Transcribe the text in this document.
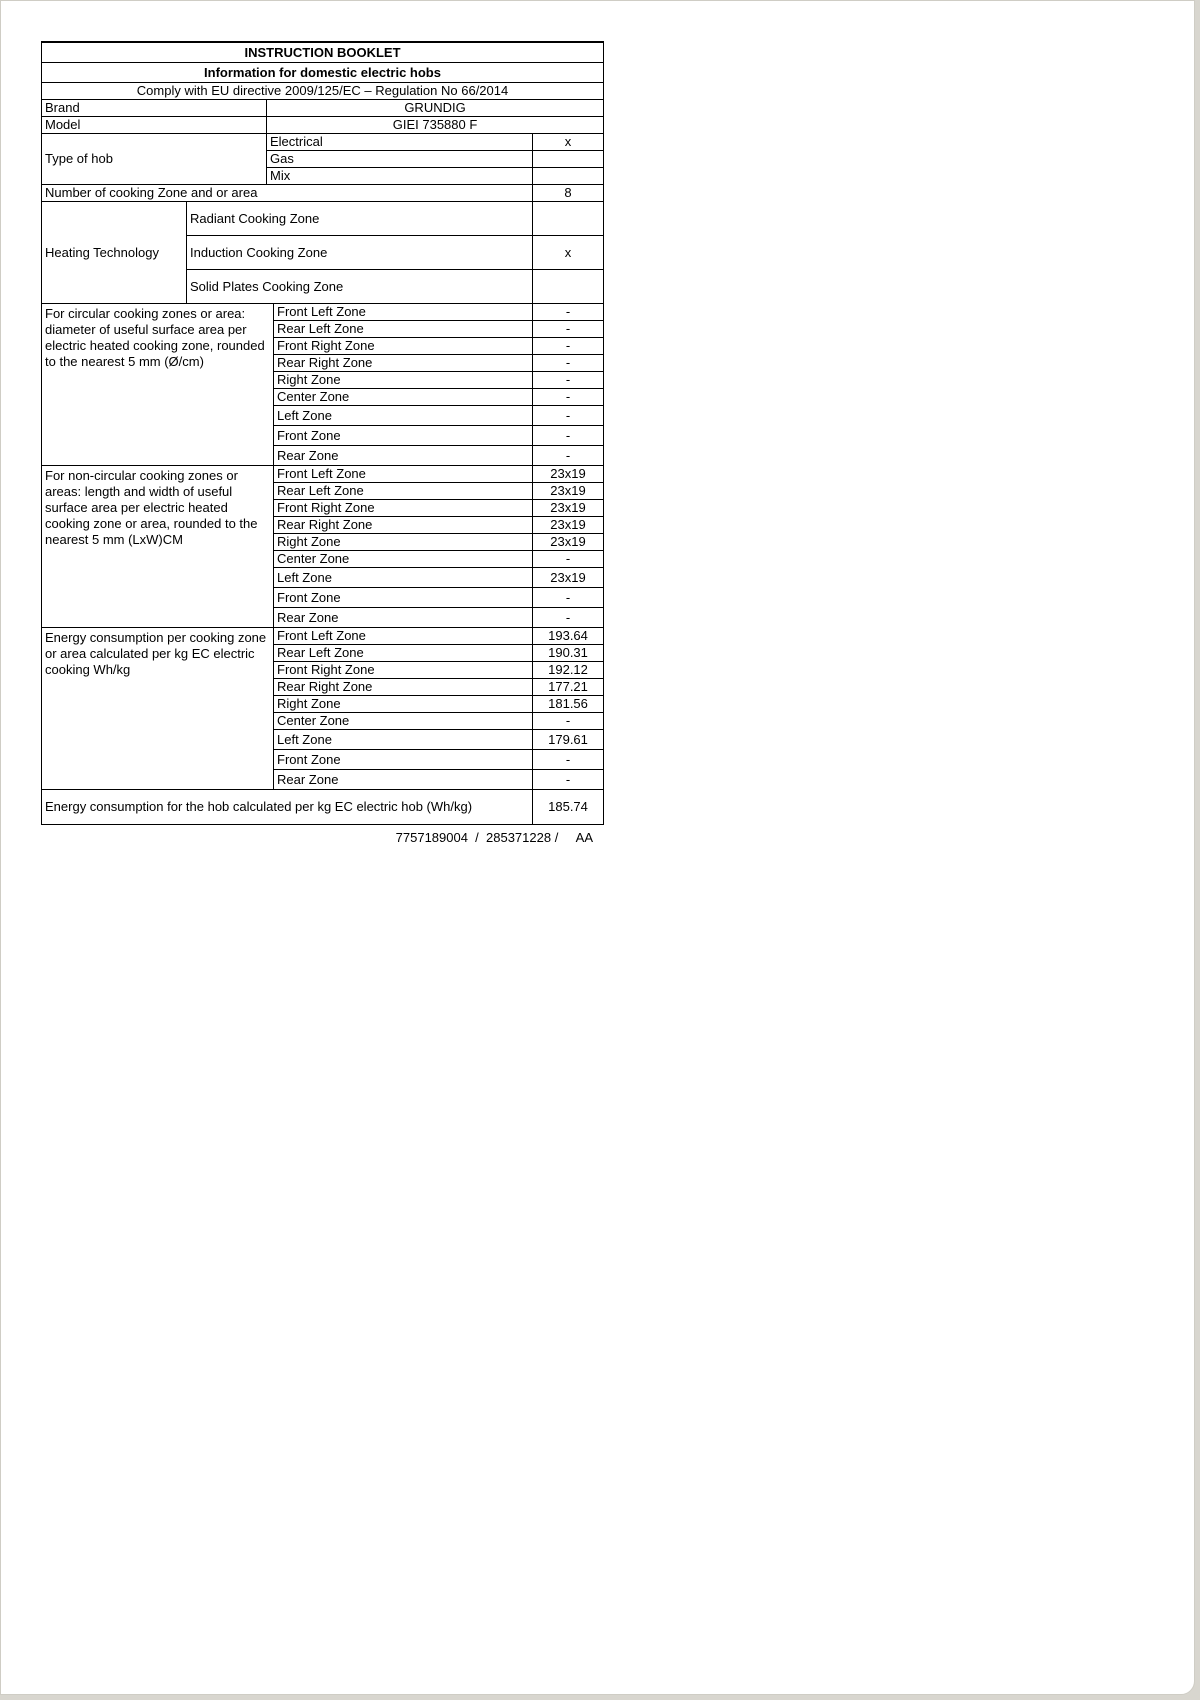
INSTRUCTION BOOKLET				
Information for domestic electric hobs				
Comply with EU directive 2009/125/EC – Regulation No 66/2014				
Brand		GRUNDIG		
Model		GIEI 735880 F		
Type of hob		Electrical		x
		Gas		
		Mix		
Number of cooking Zone and or area				8
Heating Technology	Radiant Cooking Zone			
	Induction Cooking Zone			x
	Solid Plates Cooking Zone			
For circular cooking zones or area: diameter of useful surface area per electric heated cooking zone, rounded to the nearest 5 mm (Ø/cm)			Front Left Zone	-
			Rear Left Zone	-
			Front Right Zone	-
			Rear Right Zone	-
			Right Zone	-
			Center Zone	-
			Left Zone	-
			Front Zone	-
			Rear Zone	-
For non-circular cooking zones or areas: length and width of useful surface area per electric heated cooking zone or area, rounded to the nearest 5 mm (LxW)CM			Front Left Zone	23x19
			Rear Left Zone	23x19
			Front Right Zone	23x19
			Rear Right Zone	23x19
			Right Zone	23x19
			Center Zone	-
			Left Zone	23x19
			Front Zone	-
			Rear Zone	-
Energy consumption per cooking zone or area calculated per kg EC electric cooking Wh/kg			Front Left Zone	193.64
			Rear Left Zone	190.31
			Front Right Zone	192.12
			Rear Right Zone	177.21
			Right Zone	181.56
			Center Zone	-
			Left Zone	179.61
			Front Zone	-
			Rear Zone	-
Energy consumption for the hob calculated per kg EC electric hob (Wh/kg)				185.74
7757189004  /  285371228 /     AA
